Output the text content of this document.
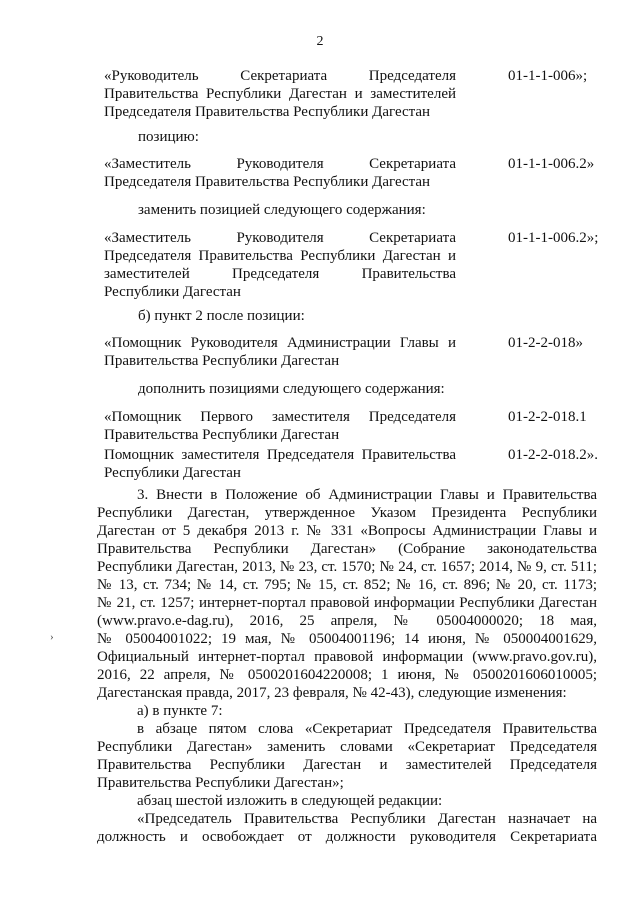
2
«Руководитель Секретариата Председателя
Правительства Республики Дагестан и заместителей
Председателя Правительства Республики Дагестан
01-1-1-006»;
позицию:
«Заместитель Руководителя Секретариата
Председателя Правительства Республики Дагестан
01-1-1-006.2»
заменить позицией следующего содержания:
«Заместитель Руководителя Секретариата
Председателя Правительства Республики Дагестан и
заместителей Председателя Правительства
Республики Дагестан
01-1-1-006.2»;
б) пункт 2 после позиции:
«Помощник Руководителя Администрации Главы и
Правительства Республики Дагестан
01-2-2-018»
дополнить позициями следующего содержания:
«Помощник Первого заместителя Председателя
Правительства Республики Дагестан
01-2-2-018.1
Помощник заместителя Председателя Правительства
Республики Дагестан
01-2-2-018.2».
3. Внести в Положение об Администрации Главы и Правительства
Республики Дагестан, утвержденное Указом Президента Республики
Дагестан от 5 декабря 2013 г. № 331 «Вопросы Администрации Главы и
Правительства Республики Дагестан» (Собрание законодательства
Республики Дагестан, 2013, № 23, ст. 1570; № 24, ст. 1657; 2014, № 9, ст. 511;
№ 13, ст. 734; № 14, ст. 795; № 15, ст. 852; № 16, ст. 896; № 20, ст. 1173;
№ 21, ст. 1257; интернет-портал правовой информации Республики Дагестан
(www.pravo.e-dag.ru), 2016, 25 апреля, № 05004000020; 18 мая,
№ 05004001022; 19 мая, № 05004001196; 14 июня, № 050004001629,
Официальный интернет-портал правовой информации (www.pravo.gov.ru),
2016, 22 апреля, № 0500201604220008; 1 июня, № 0500201606010005;
Дагестанская правда, 2017, 23 февраля, № 42-43), следующие изменения:
а) в пункте 7:
в абзаце пятом слова «Секретариат Председателя Правительства
Республики Дагестан» заменить словами «Секретариат Председателя
Правительства Республики Дагестан и заместителей Председателя
Правительства Республики Дагестан»;
абзац шестой изложить в следующей редакции:
«Председатель Правительства Республики Дагестан назначает на
должность и освобождает от должности руководителя Секретариата
›
